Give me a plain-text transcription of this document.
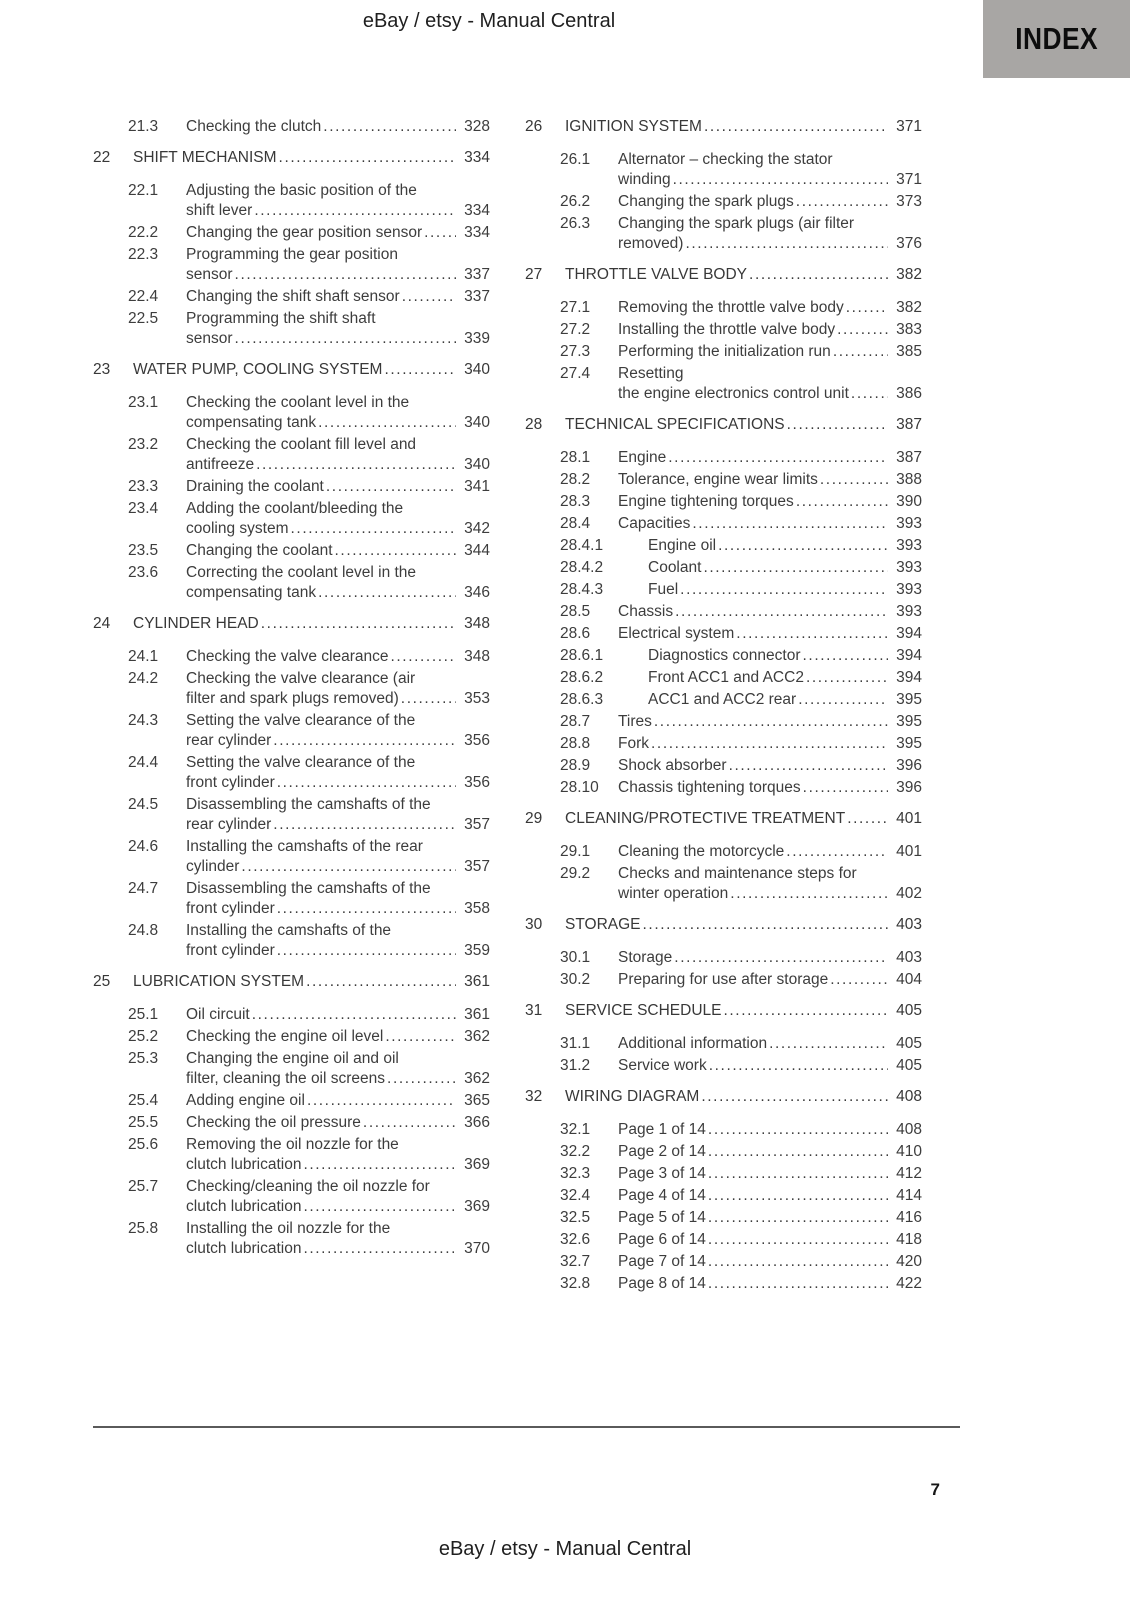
eBay / etsy - Manual Central	INDEX
21.3	Checking the clutch .....	328
22	SHIFT MECHANISM .....	334
22.1	Adjusting the basic position of the
shift lever .....	334
22.2	Changing the gear position sensor .....	334
22.3	Programming the gear position
sensor .....	337
22.4	Changing the shift shaft sensor .....	337
22.5	Programming the shift shaft
sensor .....	339
23	WATER PUMP, COOLING SYSTEM .....	340
23.1	Checking the coolant level in the
compensating tank .....	340
23.2	Checking the coolant fill level and
antifreeze .....	340
23.3	Draining the coolant .....	341
23.4	Adding the coolant/bleeding the
cooling system .....	342
23.5	Changing the coolant .....	344
23.6	Correcting the coolant level in the
compensating tank .....	346
24	CYLINDER HEAD .....	348
24.1	Checking the valve clearance .....	348
24.2	Checking the valve clearance (air
filter and spark plugs removed) .....	353
24.3	Setting the valve clearance of the
rear cylinder .....	356
24.4	Setting the valve clearance of the
front cylinder .....	356
24.5	Disassembling the camshafts of the
rear cylinder .....	357
24.6	Installing the camshafts of the rear
cylinder .....	357
24.7	Disassembling the camshafts of the
front cylinder .....	358
24.8	Installing the camshafts of the
front cylinder .....	359
25	LUBRICATION SYSTEM .....	361
25.1	Oil circuit .....	361
25.2	Checking the engine oil level .....	362
25.3	Changing the engine oil and oil
filter, cleaning the oil screens .....	362
25.4	Adding engine oil .....	365
25.5	Checking the oil pressure .....	366
25.6	Removing the oil nozzle for the
clutch lubrication .....	369
25.7	Checking/cleaning the oil nozzle for
clutch lubrication .....	369
25.8	Installing the oil nozzle for the
clutch lubrication .....	370
26	IGNITION SYSTEM .....	371
26.1	Alternator – checking the stator
winding .....	371
26.2	Changing the spark plugs .....	373
26.3	Changing the spark plugs (air filter
removed) .....	376
27	THROTTLE VALVE BODY .....	382
27.1	Removing the throttle valve body .....	382
27.2	Installing the throttle valve body .....	383
27.3	Performing the initialization run .....	385
27.4	Resetting
the engine electronics control unit .....	386
28	TECHNICAL SPECIFICATIONS .....	387
28.1	Engine .....	387
28.2	Tolerance, engine wear limits .....	388
28.3	Engine tightening torques .....	390
28.4	Capacities .....	393
28.4.1	Engine oil .....	393
28.4.2	Coolant .....	393
28.4.3	Fuel .....	393
28.5	Chassis .....	393
28.6	Electrical system .....	394
28.6.1	Diagnostics connector .....	394
28.6.2	Front ACC1 and ACC2 .....	394
28.6.3	ACC1 and ACC2 rear .....	395
28.7	Tires .....	395
28.8	Fork .....	395
28.9	Shock absorber .....	396
28.10	Chassis tightening torques .....	396
29	CLEANING/PROTECTIVE TREATMENT .....	401
29.1	Cleaning the motorcycle .....	401
29.2	Checks and maintenance steps for
winter operation .....	402
30	STORAGE .....	403
30.1	Storage .....	403
30.2	Preparing for use after storage .....	404
31	SERVICE SCHEDULE .....	405
31.1	Additional information .....	405
31.2	Service work .....	405
32	WIRING DIAGRAM .....	408
32.1	Page 1 of 14 .....	408
32.2	Page 2 of 14 .....	410
32.3	Page 3 of 14 .....	412
32.4	Page 4 of 14 .....	414
32.5	Page 5 of 14 .....	416
32.6	Page 6 of 14 .....	418
32.7	Page 7 of 14 .....	420
32.8	Page 8 of 14 .....	422
7
eBay / etsy - Manual Central
